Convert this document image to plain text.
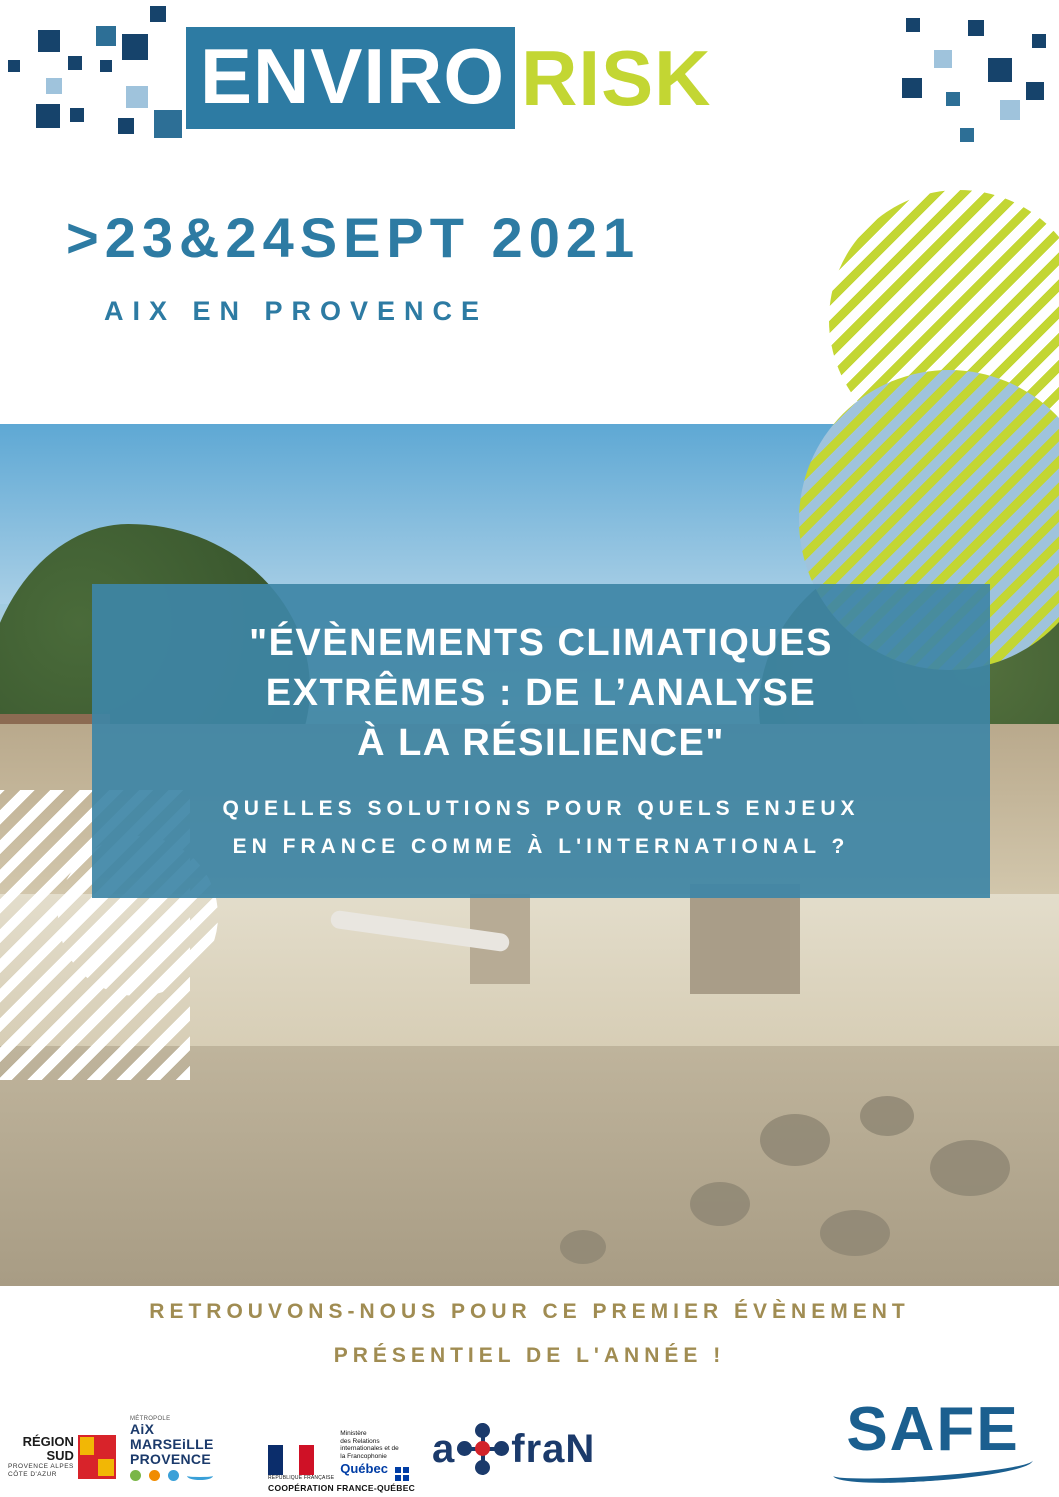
ENVIRO RISK
>23&24SEPT 2021
AIX EN PROVENCE
"ÉVÈNEMENTS CLIMATIQUES
EXTRÊMES : DE L’ANALYSE
À LA RÉSILIENCE"
QUELLES SOLUTIONS POUR QUELS ENJEUX
EN FRANCE COMME À L'INTERNATIONAL ?
RETROUVONS-NOUS POUR CE PREMIER ÉVÈNEMENT
PRÉSENTIEL DE L'ANNÉE !
RÉGION
SUD
PROVENCE ALPES
CÔTE D'AZUR
MÉTROPOLE
AiX
MARSEiLLE
PROVENCE
RÉPUBLIQUE FRANÇAISE
Ministère
des Relations
internationales et de
la Francophonie
Québec
COOPÉRATION FRANCE-QUÉBEC
a fra N	SAFE
